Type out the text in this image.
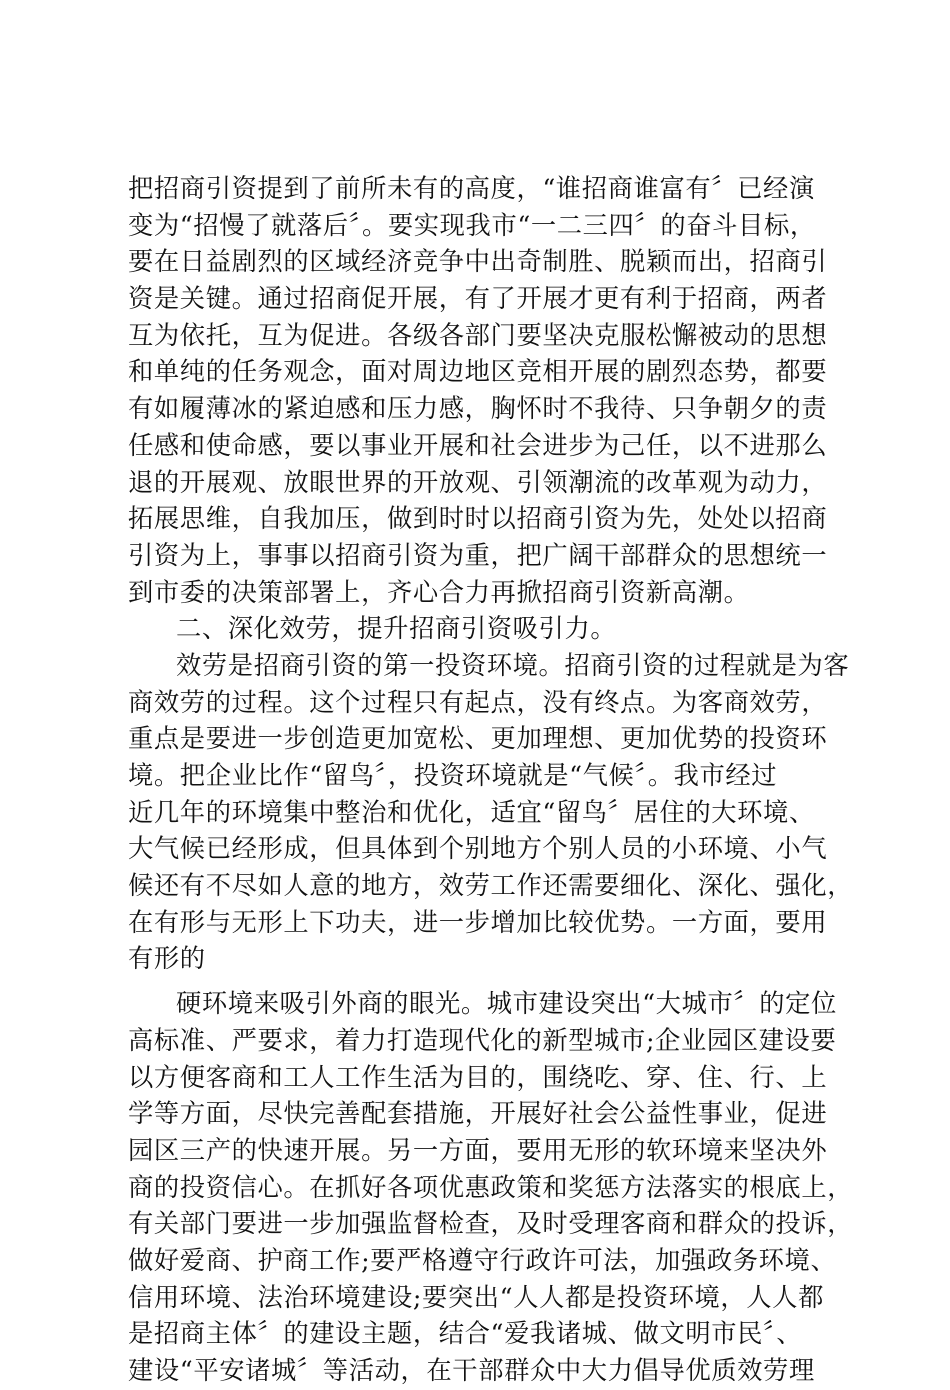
把招商引资提到了前所未有的高度，“谁招商谁富有〞已经演
变为“招慢了就落后〞。要实现我市“一二三四〞的奋斗目标，
要在日益剧烈的区域经济竞争中出奇制胜、脱颖而出，招商引
资是关键。通过招商促开展，有了开展才更有利于招商，两者
互为依托，互为促进。各级各部门要坚决克服松懈被动的思想
和单纯的任务观念，面对周边地区竞相开展的剧烈态势，都要
有如履薄冰的紧迫感和压力感，胸怀时不我待、只争朝夕的责
任感和使命感，要以事业开展和社会进步为己任，以不进那么
退的开展观、放眼世界的开放观、引领潮流的改革观为动力，
拓展思维，自我加压，做到时时以招商引资为先，处处以招商
引资为上，事事以招商引资为重，把广阔干部群众的思想统一
到市委的决策部署上，齐心合力再掀招商引资新高潮。
二、深化效劳，提升招商引资吸引力。
效劳是招商引资的第一投资环境。招商引资的过程就是为客
商效劳的过程。这个过程只有起点，没有终点。为客商效劳，
重点是要进一步创造更加宽松、更加理想、更加优势的投资环
境。把企业比作“留鸟〞，投资环境就是“气候〞。我市经过
近几年的环境集中整治和优化，适宜“留鸟〞居住的大环境、
大气候已经形成，但具体到个别地方个别人员的小环境、小气
候还有不尽如人意的地方，效劳工作还需要细化、深化、强化，
在有形与无形上下功夫，进一步增加比较优势。一方面，要用
有形的
硬环境来吸引外商的眼光。城市建设突出“大城市〞的定位
高标准、严要求，着力打造现代化的新型城市;企业园区建设要
以方便客商和工人工作生活为目的，围绕吃、穿、住、行、上
学等方面，尽快完善配套措施，开展好社会公益性事业，促进
园区三产的快速开展。另一方面，要用无形的软环境来坚决外
商的投资信心。在抓好各项优惠政策和奖惩方法落实的根底上，
有关部门要进一步加强监督检查，及时受理客商和群众的投诉，
做好爱商、护商工作;要严格遵守行政许可法，加强政务环境、
信用环境、法治环境建设;要突出“人人都是投资环境，人人都
是招商主体〞的建设主题，结合“爱我诸城、做文明市民〞、
建设“平安诸城〞等活动，在干部群众中大力倡导优质效劳理
